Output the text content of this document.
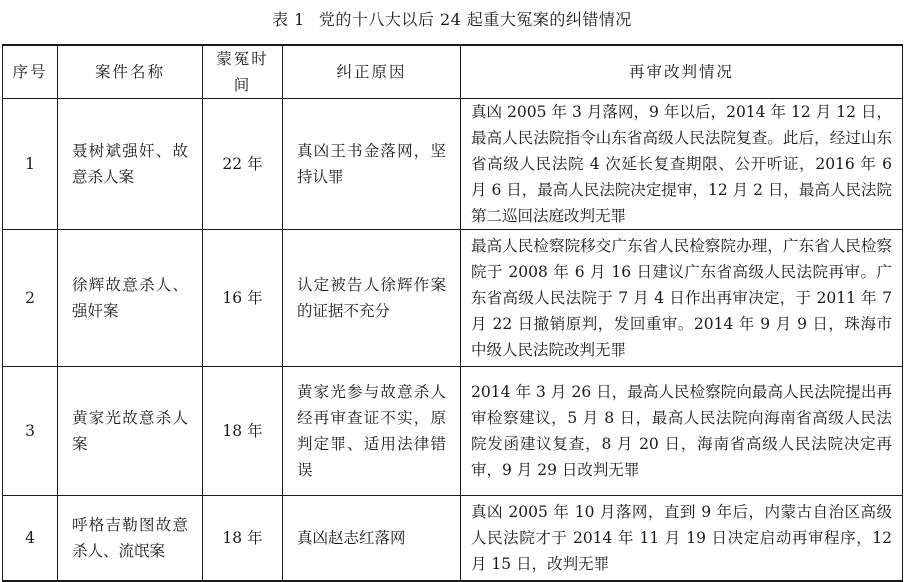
表 1 党的十八大以后 24 起重大冤案的纠错情况
序号	案件名称	蒙冤时间	纠正原因	再审改判情况
1	聂树斌强奸、故意杀人案	22 年	真凶王书金落网，坚持认罪	真凶 2005 年 3 月落网，9 年以后，2014 年 12 月 12 日，最高人民法院指令山东省高级人民法院复查。此后，经过山东省高级人民法院 4 次延长复查期限、公开听证，2016 年 6 月 6 日，最高人民法院决定提审，12 月 2 日，最高人民法院第二巡回法庭改判无罪
2	徐辉故意杀人、强奸案	16 年	认定被告人徐辉作案的证据不充分	最高人民检察院移交广东省人民检察院办理，广东省人民检察院于 2008 年 6 月 16 日建议广东省高级人民法院再审。广东省高级人民法院于 7 月 4 日作出再审决定，于 2011 年 7 月 22 日撤销原判，发回重审。2014 年 9 月 9 日，珠海市中级人民法院改判无罪
3	黄家光故意杀人案	18 年	黄家光参与故意杀人经再审查证不实，原判定罪、适用法律错误	2014 年 3 月 26 日，最高人民检察院向最高人民法院提出再审检察建议，5 月 8 日，最高人民法院向海南省高级人民法院发函建议复查，8 月 20 日，海南省高级人民法院决定再审，9 月 29 日改判无罪
4	呼格吉勒图故意杀人、流氓案	18 年	真凶赵志红落网	真凶 2005 年 10 月落网，直到 9 年后，内蒙古自治区高级人民法院才于 2014 年 11 月 19 日决定启动再审程序，12 月 15 日，改判无罪
